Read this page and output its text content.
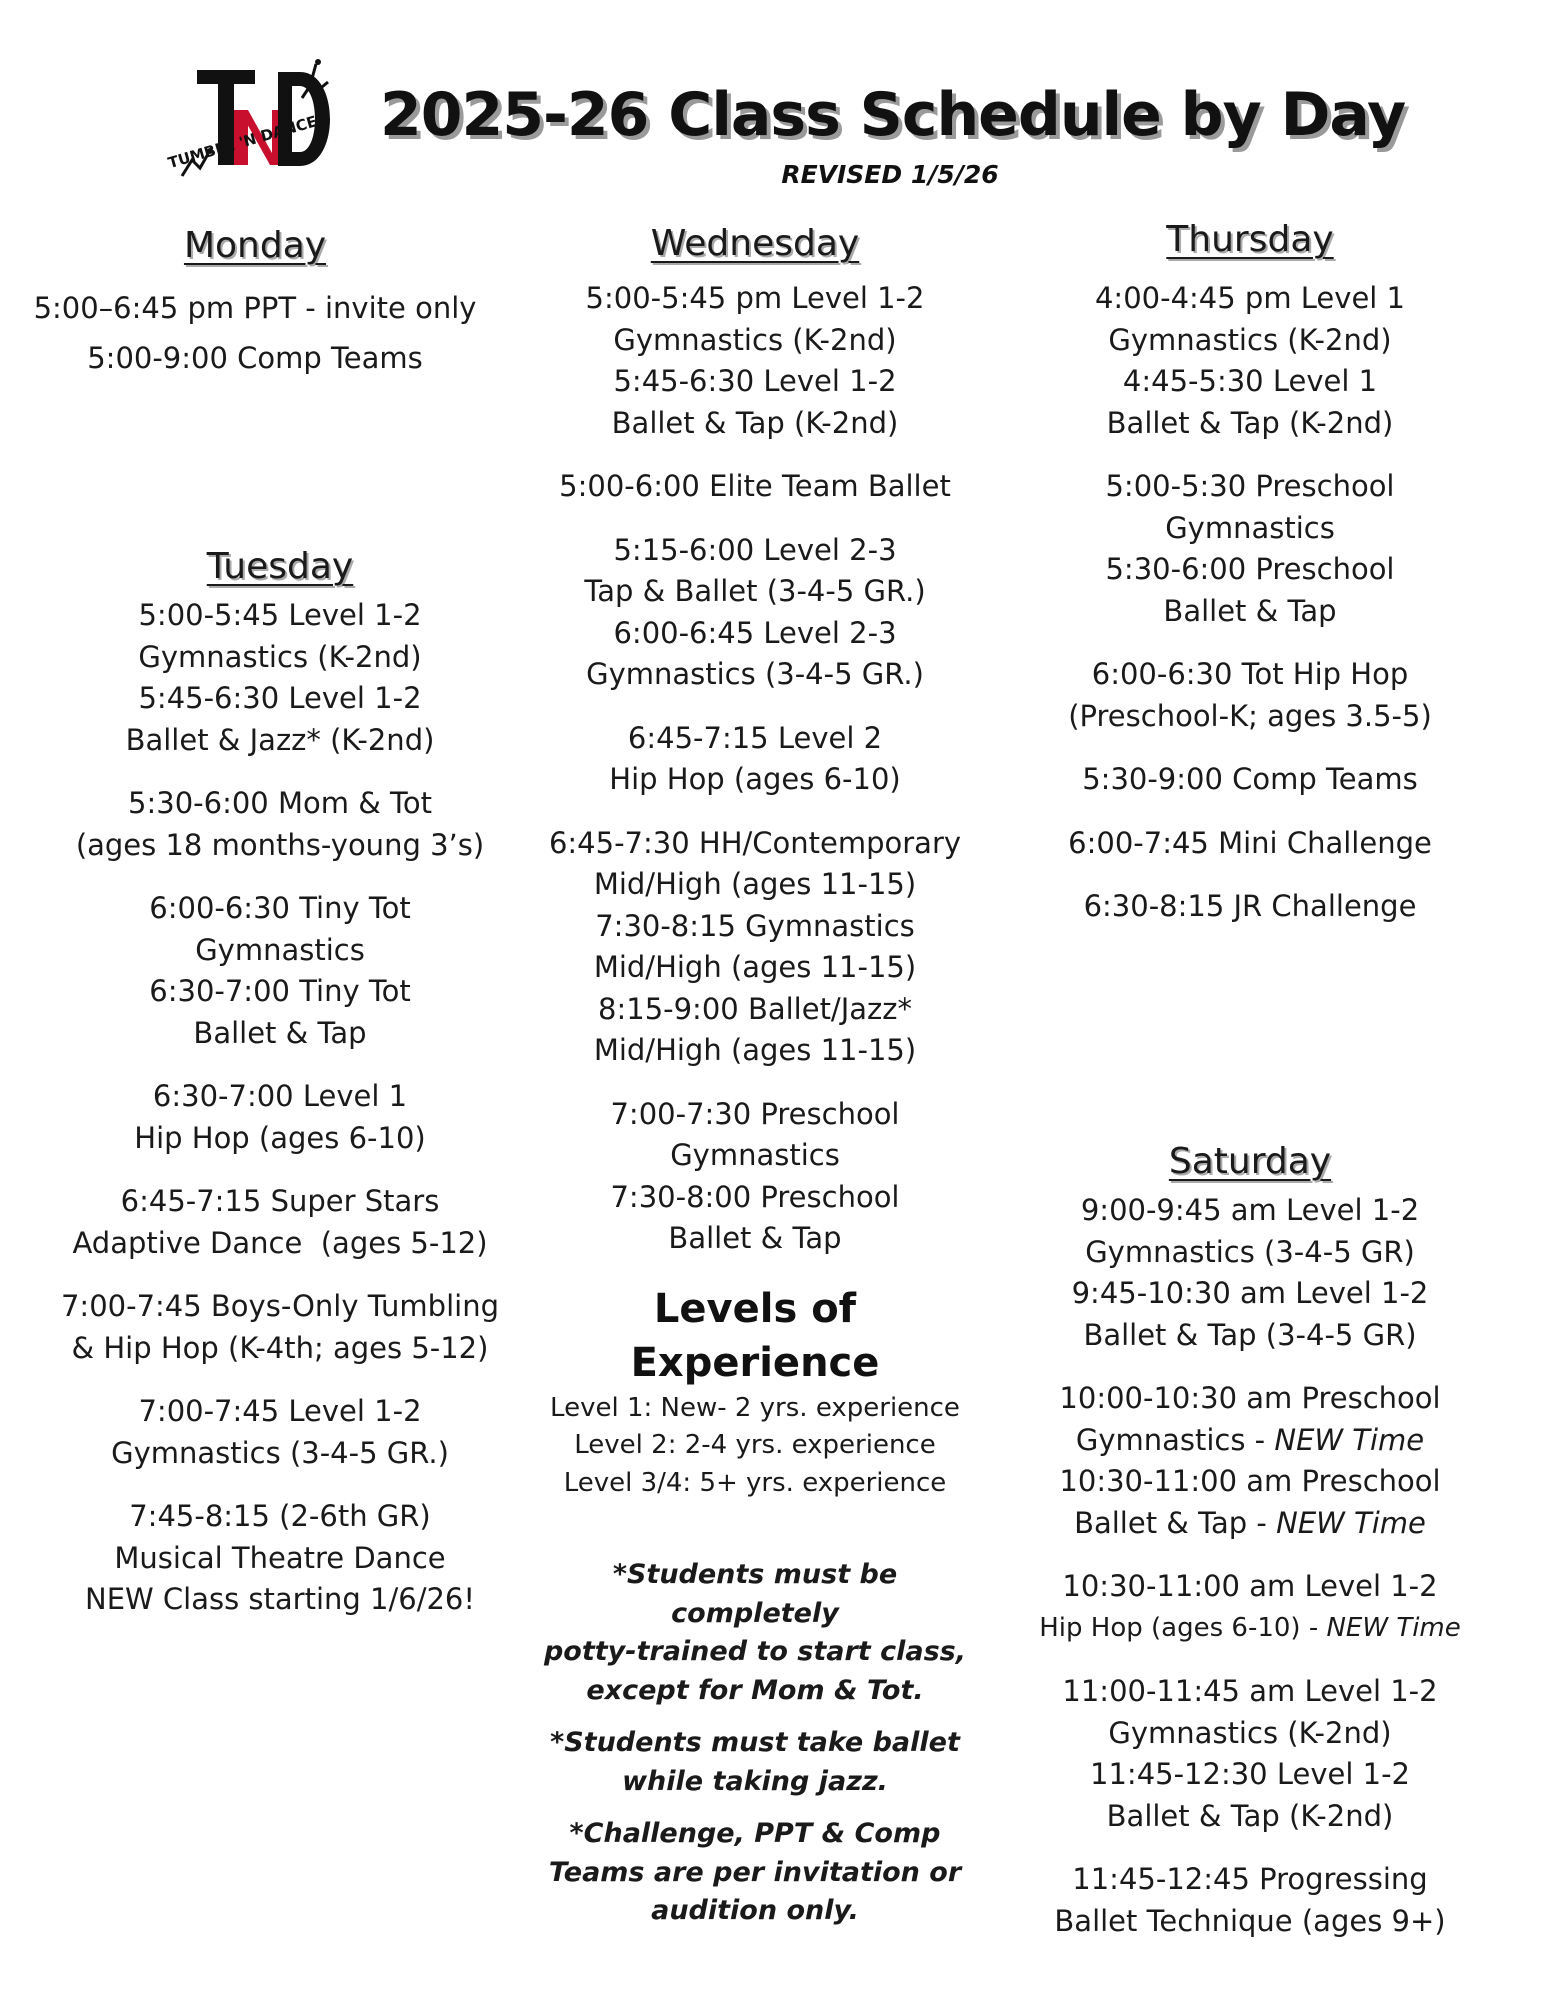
TUMBLE 'N DANCE 2025-26 Class Schedule by Day
REVISED 1/5/26
Monday
5:00–6:45 pm PPT - invite only
5:00-9:00 Comp Teams
Tuesday
5:00-5:45 Level 1-2
Gymnastics (K-2nd)
5:45-6:30 Level 1-2
Ballet & Jazz* (K-2nd)
5:30-6:00 Mom & Tot
(ages 18 months-young 3’s)
6:00-6:30 Tiny Tot
Gymnastics
6:30-7:00 Tiny Tot
Ballet & Tap
6:30-7:00 Level 1
Hip Hop (ages 6-10)
6:45-7:15 Super Stars
Adaptive Dance  (ages 5-12)
7:00-7:45 Boys-Only Tumbling
& Hip Hop (K-4th; ages 5-12)
7:00-7:45 Level 1-2
Gymnastics (3-4-5 GR.)
7:45-8:15 (2-6th GR)
Musical Theatre Dance
NEW Class starting 1/6/26!
Wednesday
5:00-5:45 pm Level 1-2
Gymnastics (K-2nd)
5:45-6:30 Level 1-2
Ballet & Tap (K-2nd)
5:00-6:00 Elite Team Ballet
5:15-6:00 Level 2-3
Tap & Ballet (3-4-5 GR.)
6:00-6:45 Level 2-3
Gymnastics (3-4-5 GR.)
6:45-7:15 Level 2
Hip Hop (ages 6-10)
6:45-7:30 HH/Contemporary
Mid/High (ages 11-15)
7:30-8:15 Gymnastics
Mid/High (ages 11-15)
8:15-9:00 Ballet/Jazz*
Mid/High (ages 11-15)
7:00-7:30 Preschool
Gymnastics
7:30-8:00 Preschool
Ballet & Tap
Levels of Experience
Level 1: New- 2 yrs. experience
Level 2: 2-4 yrs. experience
Level 3/4: 5+ yrs. experience
*Students must be
completely
potty-trained to start class,
except for Mom & Tot.
*Students must take ballet
while taking jazz.
*Challenge, PPT & Comp
Teams are per invitation or
audition only.
Thursday
4:00-4:45 pm Level 1
Gymnastics (K-2nd)
4:45-5:30 Level 1
Ballet & Tap (K-2nd)
5:00-5:30 Preschool
Gymnastics
5:30-6:00 Preschool
Ballet & Tap
6:00-6:30 Tot Hip Hop
(Preschool-K; ages 3.5-5)
5:30-9:00 Comp Teams
6:00-7:45 Mini Challenge
6:30-8:15 JR Challenge
Saturday
9:00-9:45 am Level 1-2
Gymnastics (3-4-5 GR)
9:45-10:30 am Level 1-2
Ballet & Tap (3-4-5 GR)
10:00-10:30 am Preschool
Gymnastics - NEW Time
10:30-11:00 am Preschool
Ballet & Tap - NEW Time
10:30-11:00 am Level 1-2
Hip Hop (ages 6-10) - NEW Time
11:00-11:45 am Level 1-2
Gymnastics (K-2nd)
11:45-12:30 Level 1-2
Ballet & Tap (K-2nd)
11:45-12:45 Progressing
Ballet Technique (ages 9+)
